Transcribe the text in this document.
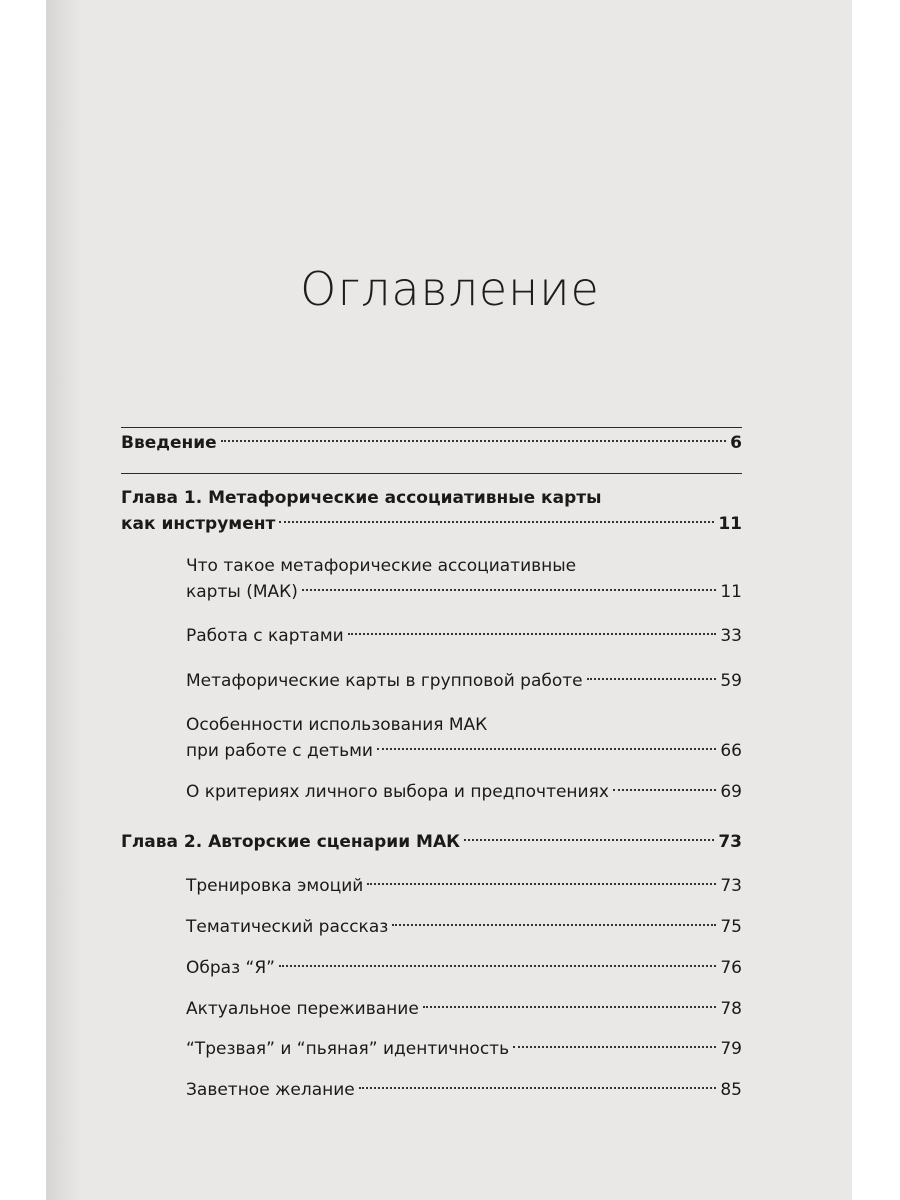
Оглавление
Введение	6
Глава 1. Метафорические ассоциативные карты
как инструмент	11
Что такое метафорические ассоциативные
карты (МАК)	11
Работа с картами	33
Метафорические карты в групповой работе	59
Особенности использования МАК
при работе с детьми	66
О критериях личного выбора и предпочтениях	69
Глава 2. Авторские сценарии МАК	73
Тренировка эмоций	73
Тематический рассказ	75
Образ “Я”	76
Актуальное переживание	78
“Трезвая” и “пьяная” идентичность	79
Заветное желание	85
